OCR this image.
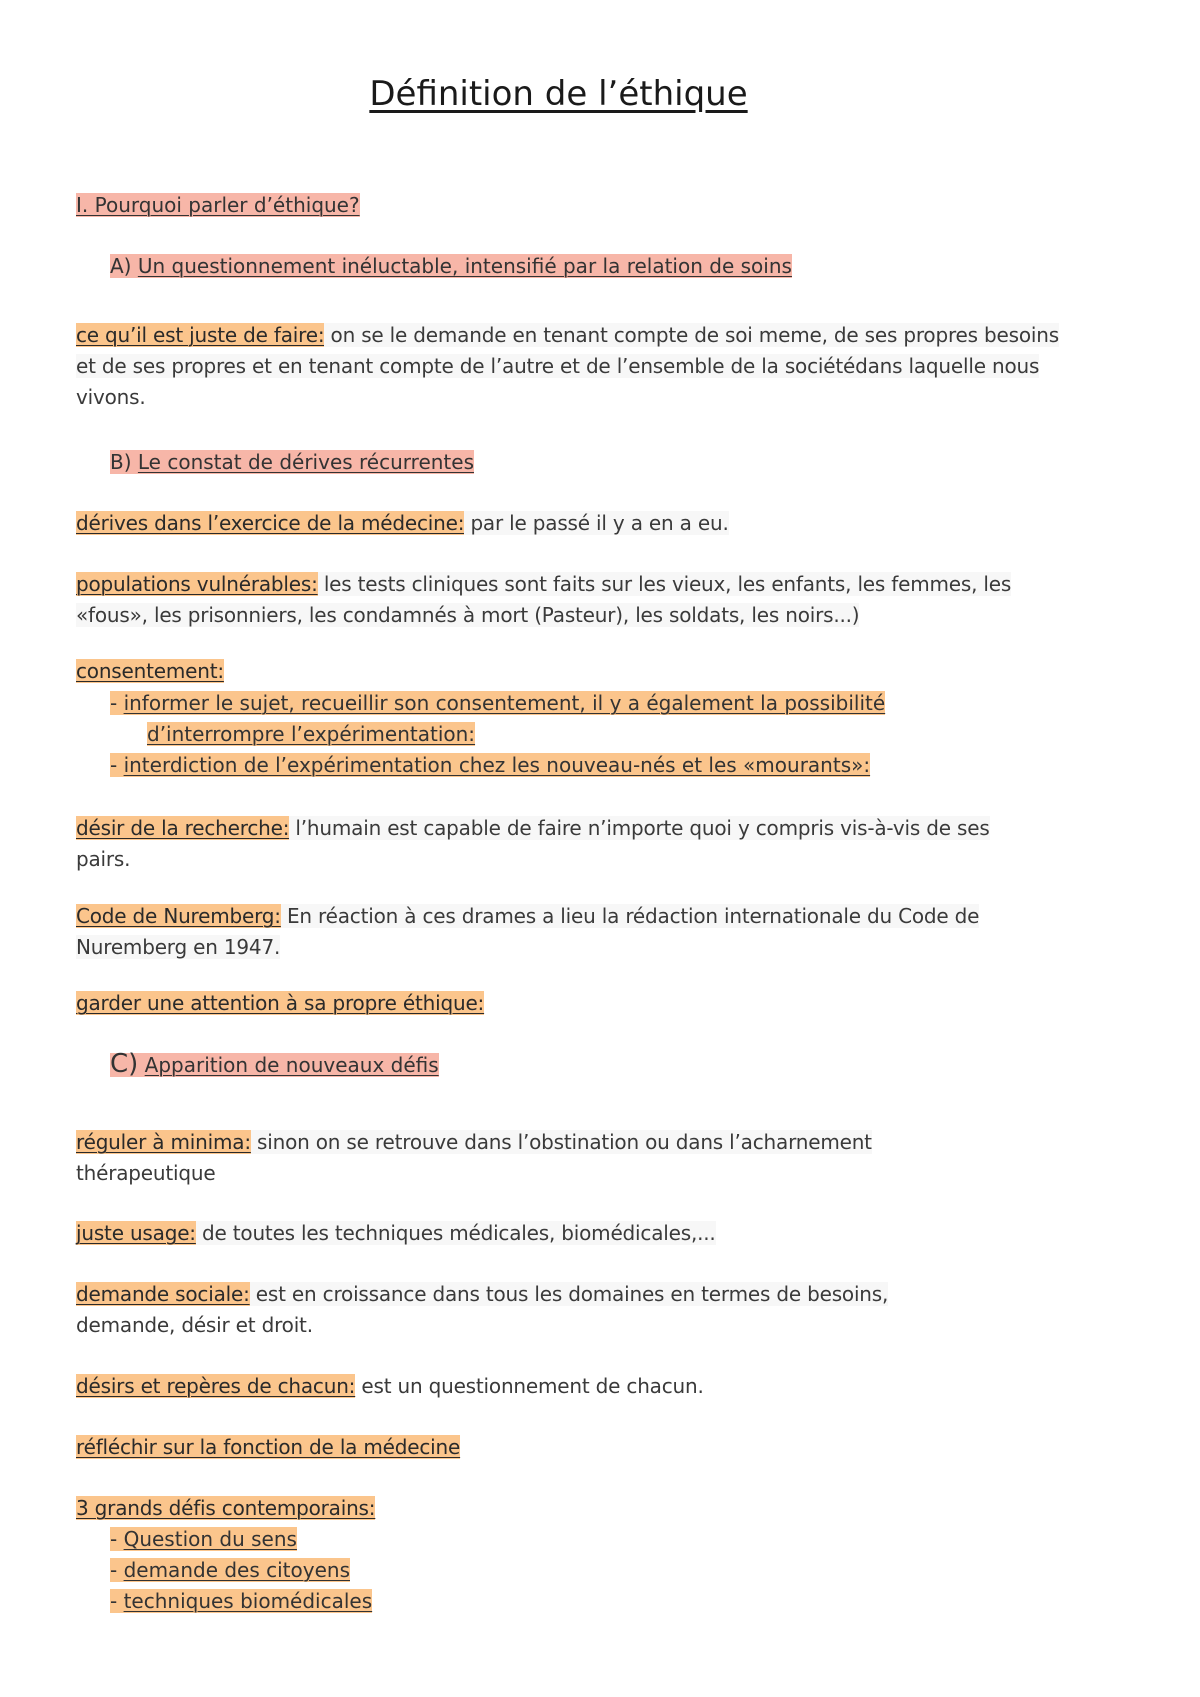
Définition de l’éthique
I. Pourquoi parler d’éthique?
A) Un questionnement inéluctable, intensifié par la relation de soins
ce qu’il est juste de faire: on se le demande en tenant compte de soi meme, de ses propres besoins
et de ses propres et en tenant compte de l’autre et de l’ensemble de la sociétédans laquelle nous
vivons.
B) Le constat de dérives récurrentes
dérives dans l’exercice de la médecine: par le passé il y a en a eu.
populations vulnérables: les tests cliniques sont faits sur les vieux, les enfants, les femmes, les
«fous», les prisonniers, les condamnés à mort (Pasteur), les soldats, les noirs...)
consentement:
- informer le sujet, recueillir son consentement, il y a également la possibilité
d’interrompre l’expérimentation:
- interdiction de l’expérimentation chez les nouveau-nés et les «mourants»:
désir de la recherche: l’humain est capable de faire n’importe quoi y compris vis-à-vis de ses
pairs.
Code de Nuremberg: En réaction à ces drames a lieu la rédaction internationale du Code de
Nuremberg en 1947.
garder une attention à sa propre éthique:
C) Apparition de nouveaux défis
réguler à minima: sinon on se retrouve dans l’obstination ou dans l’acharnement
thérapeutique
juste usage: de toutes les techniques médicales, biomédicales,...
demande sociale: est en croissance dans tous les domaines en termes de besoins,
demande, désir et droit.
désirs et repères de chacun: est un questionnement de chacun.
réfléchir sur la fonction de la médecine
3 grands défis contemporains:
- Question du sens
- demande des citoyens
- techniques biomédicales
